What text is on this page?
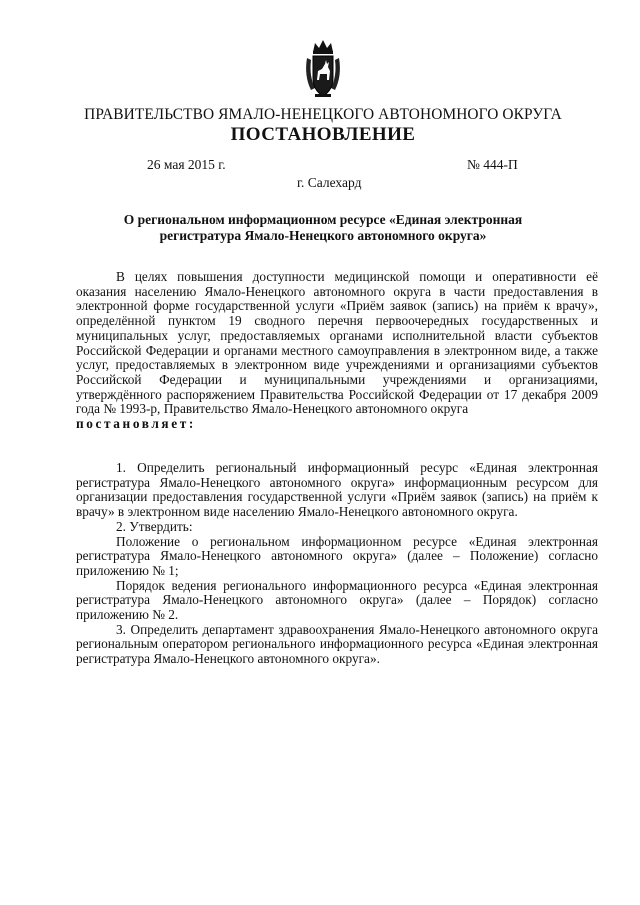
ПРАВИТЕЛЬСТВО ЯМАЛО-НЕНЕЦКОГО АВТОНОМНОГО ОКРУГА
ПОСТАНОВЛЕНИЕ
26 мая 2015 г.	№ 444-П
г. Салехард
О региональном информационном ресурсе «Единая электронная
регистратура Ямало-Ненецкого автономного округа»

В целях повышения доступности медицинской помощи и оперативности её оказания населению Ямало-Ненецкого автономного округа в части предоставления в электронной форме государственной услуги «Приём заявок (запись) на приём к врачу», определённой пунктом 19 сводного перечня первоочередных государственных и муниципальных услуг, предоставляемых органами исполнительной власти субъектов Российской Федерации и органами местного самоуправления в электронном виде, а также услуг, предоставляемых в электронном виде учреждениями и организациями субъектов Российской Федерации и муниципальными учреждениями и организациями, утверждённого распоряжением Правительства Российской Федерации от 17 декабря 2009 года № 1993-р, Правительство Ямало-Ненецкого автономного округа

постановляет:

1. Определить региональный информационный ресурс «Единая электронная регистратура Ямало-Ненецкого автономного округа» информационным ресурсом для организации предоставления государственной услуги «Приём заявок (запись) на приём к врачу» в электронном виде населению Ямало-Ненецкого автономного округа.

2. Утвердить:

Положение о региональном информационном ресурсе «Единая электронная регистратура Ямало-Ненецкого автономного округа» (далее – Положение) согласно приложению № 1;

Порядок ведения регионального информационного ресурса «Единая электронная регистратура Ямало-Ненецкого автономного округа» (далее – Порядок) согласно приложению № 2.

3. Определить департамент здравоохранения Ямало-Ненецкого автономного округа региональным оператором регионального информационного ресурса «Единая электронная регистратура Ямало-Ненецкого автономного округа».
